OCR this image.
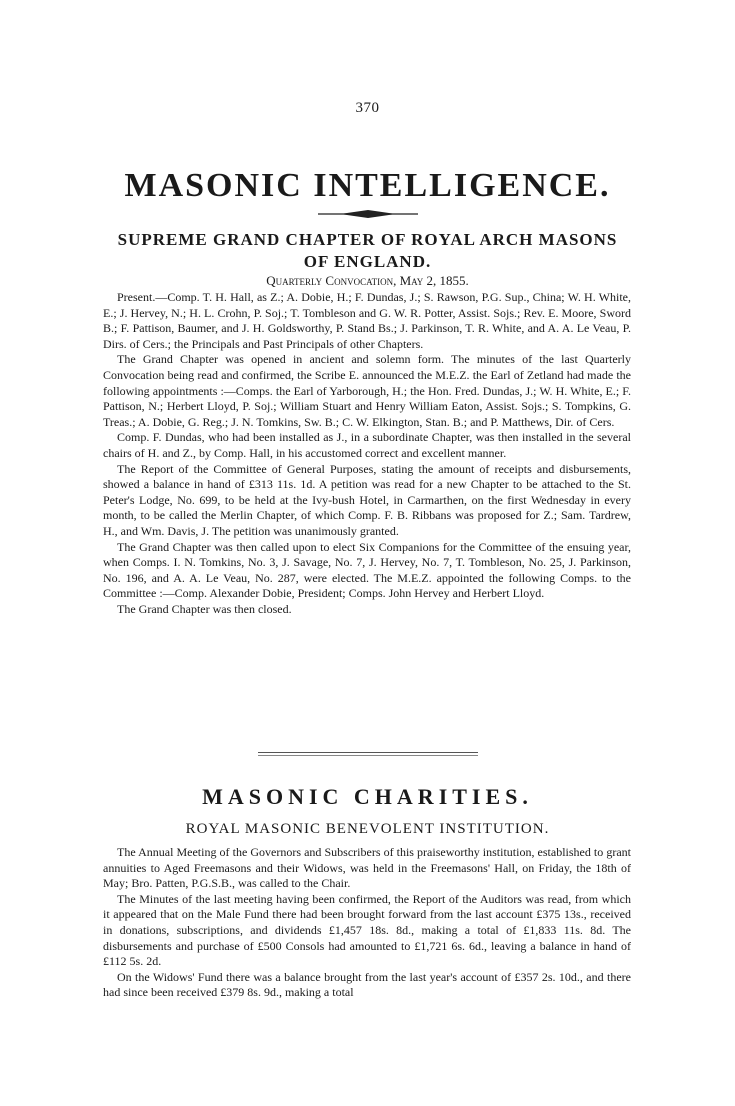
370
MASONIC INTELLIGENCE.
SUPREME GRAND CHAPTER OF ROYAL ARCH MASONS
OF ENGLAND.
Quarterly Convocation, May 2, 1855.

Present.—Comp. T. H. Hall, as Z.; A. Dobie, H.; F. Dundas, J.; S. Rawson, P.G. Sup., China; W. H. White, E.; J. Hervey, N.; H. L. Crohn, P. Soj.; T. Tombleson and G. W. R. Potter, Assist. Sojs.; Rev. E. Moore, Sword B.; F. Pattison, Baumer, and J. H. Goldsworthy, P. Stand Bs.; J. Parkinson, T. R. White, and A. A. Le Veau, P. Dirs. of Cers.; the Principals and Past Principals of other Chapters.

The Grand Chapter was opened in ancient and solemn form. The minutes of the last Quarterly Convocation being read and confirmed, the Scribe E. announced the M.E.Z. the Earl of Zetland had made the following appointments :—Comps. the Earl of Yarborough, H.; the Hon. Fred. Dundas, J.; W. H. White, E.; F. Pattison, N.; Herbert Lloyd, P. Soj.; William Stuart and Henry William Eaton, Assist. Sojs.; S. Tompkins, G. Treas.; A. Dobie, G. Reg.; J. N. Tomkins, Sw. B.; C. W. Elkington, Stan. B.; and P. Matthews, Dir. of Cers.

Comp. F. Dundas, who had been installed as J., in a subordinate Chapter, was then installed in the several chairs of H. and Z., by Comp. Hall, in his accustomed correct and excellent manner.

The Report of the Committee of General Purposes, stating the amount of receipts and disbursements, showed a balance in hand of £313 11s. 1d. A petition was read for a new Chapter to be attached to the St. Peter's Lodge, No. 699, to be held at the Ivy-bush Hotel, in Carmarthen, on the first Wednesday in every month, to be called the Merlin Chapter, of which Comp. F. B. Ribbans was proposed for Z.; Sam. Tardrew, H., and Wm. Davis, J. The petition was unanimously granted.

The Grand Chapter was then called upon to elect Six Companions for the Committee of the ensuing year, when Comps. I. N. Tomkins, No. 3, J. Savage, No. 7, J. Hervey, No. 7, T. Tombleson, No. 25, J. Parkinson, No. 196, and A. A. Le Veau, No. 287, were elected. The M.E.Z. appointed the following Comps. to the Committee :—Comp. Alexander Dobie, President; Comps. John Hervey and Herbert Lloyd.

The Grand Chapter was then closed.

MASONIC CHARITIES.
ROYAL MASONIC BENEVOLENT INSTITUTION.

The Annual Meeting of the Governors and Subscribers of this praiseworthy institution, established to grant annuities to Aged Freemasons and their Widows, was held in the Freemasons' Hall, on Friday, the 18th of May; Bro. Patten, P.G.S.B., was called to the Chair.

The Minutes of the last meeting having been confirmed, the Report of the Auditors was read, from which it appeared that on the Male Fund there had been brought forward from the last account £375 13s., received in donations, subscriptions, and dividends £1,457 18s. 8d., making a total of £1,833 11s. 8d. The disbursements and purchase of £500 Consols had amounted to £1,721 6s. 6d., leaving a balance in hand of £112 5s. 2d.

On the Widows' Fund there was a balance brought from the last year's account of £357 2s. 10d., and there had since been received £379 8s. 9d., making a total
